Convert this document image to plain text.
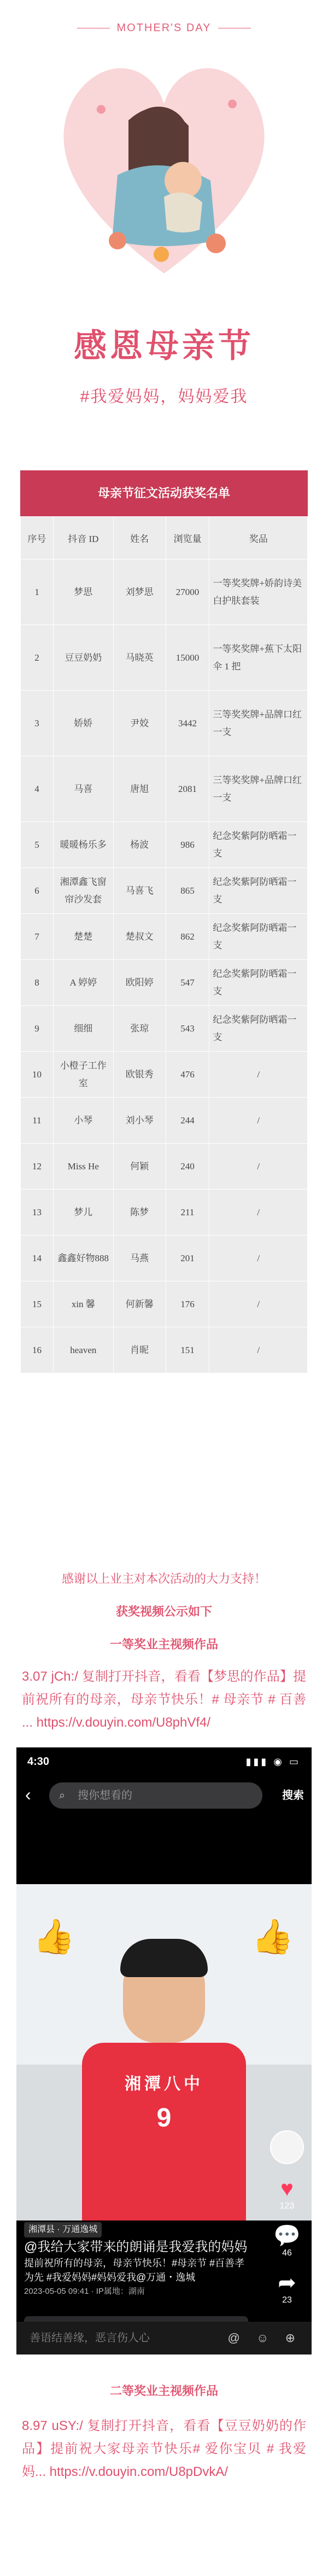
MOTHER'S DAY
感恩母亲节
#我爱妈妈，妈妈爱我
母亲节征文活动获奖名单
序号	抖音 ID	姓名	浏览量	奖品
1	梦思	刘梦思	27000	一等奖奖牌+娇韵诗美白护肤套装
2	豆豆奶奶	马晓英	15000	一等奖奖牌+蕉下太阳伞 1 把
3	娇娇	尹姣	3442	三等奖奖牌+品牌口红一支
4	马喜	唐旭	2081	三等奖奖牌+品牌口红一支
5	暖暖杨乐多	杨波	986	纪念奖紫阿防晒霜一支
6	湘潭鑫飞窗帘沙发套	马喜飞	865	纪念奖紫阿防晒霜一支
7	楚楚	楚叔文	862	纪念奖紫阿防晒霜一支
8	A 婷婷	欧阳婷	547	纪念奖紫阿防晒霜一支
9	细细	张琼	543	纪念奖紫阿防晒霜一支
10	小橙子工作室	欧银秀	476	/
11	小琴	刘小琴	244	/
12	Miss He	何颖	240	/
13	梦儿	陈梦	211	/
14	鑫鑫好物888	马燕	201	/
15	xin 馨	何新馨	176	/
16	heaven	肖昵	151	/
感谢以上业主对本次活动的大力支持！
获奖视频公示如下
一等奖业主视频作品
3.07 jCh:/ 复制打开抖音，看看【梦思的作品】提前祝所有的母亲，母亲节快乐！# 母亲节 # 百善 ... https://v.douyin.com/U8phVf4/
4:30	▮▮▮ ◉ ▭
‹	⌕ 搜你想看的	搜索
👍	👍
湘潭八中
9
♥
123
💬
46
➦
23
湘潭县 · 万通逸城
@我给大家带来的朗诵是我爱我的妈妈
提前祝所有的母亲，母亲节快乐！#母亲节 #百善孝为先 #我爱妈妈#妈妈爱我@万通・逸城
2023-05-05 09:41 · IP属地：湖南
善语结善缘，恶言伤人心	@ ☺ ⊕
二等奖业主视频作品
8.97 uSY:/ 复制打开抖音，看看【豆豆奶奶的作品】提前祝大家母亲节快乐# 爱你宝贝 # 我爱妈... https://v.douyin.com/U8pDvkA/
